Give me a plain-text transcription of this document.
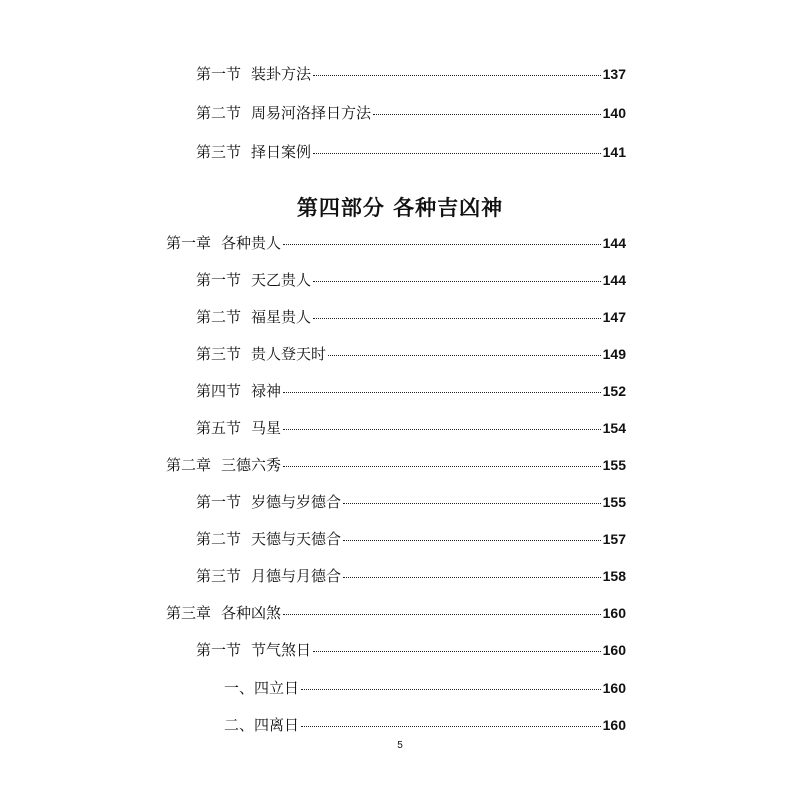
第一节 装卦方法	137
第二节 周易河洛择日方法	140
第三节 择日案例	141
第四部分 各种吉凶神
第一章 各种贵人	144
第一节 天乙贵人	144
第二节 福星贵人	147
第三节 贵人登天时	149
第四节 禄神	152
第五节 马星	154
第二章 三德六秀	155
第一节 岁德与岁德合	155
第二节 天德与天德合	157
第三节 月德与月德合	158
第三章 各种凶煞	160
第一节 节气煞日	160
一、四立日	160
二、四离日	160
5
